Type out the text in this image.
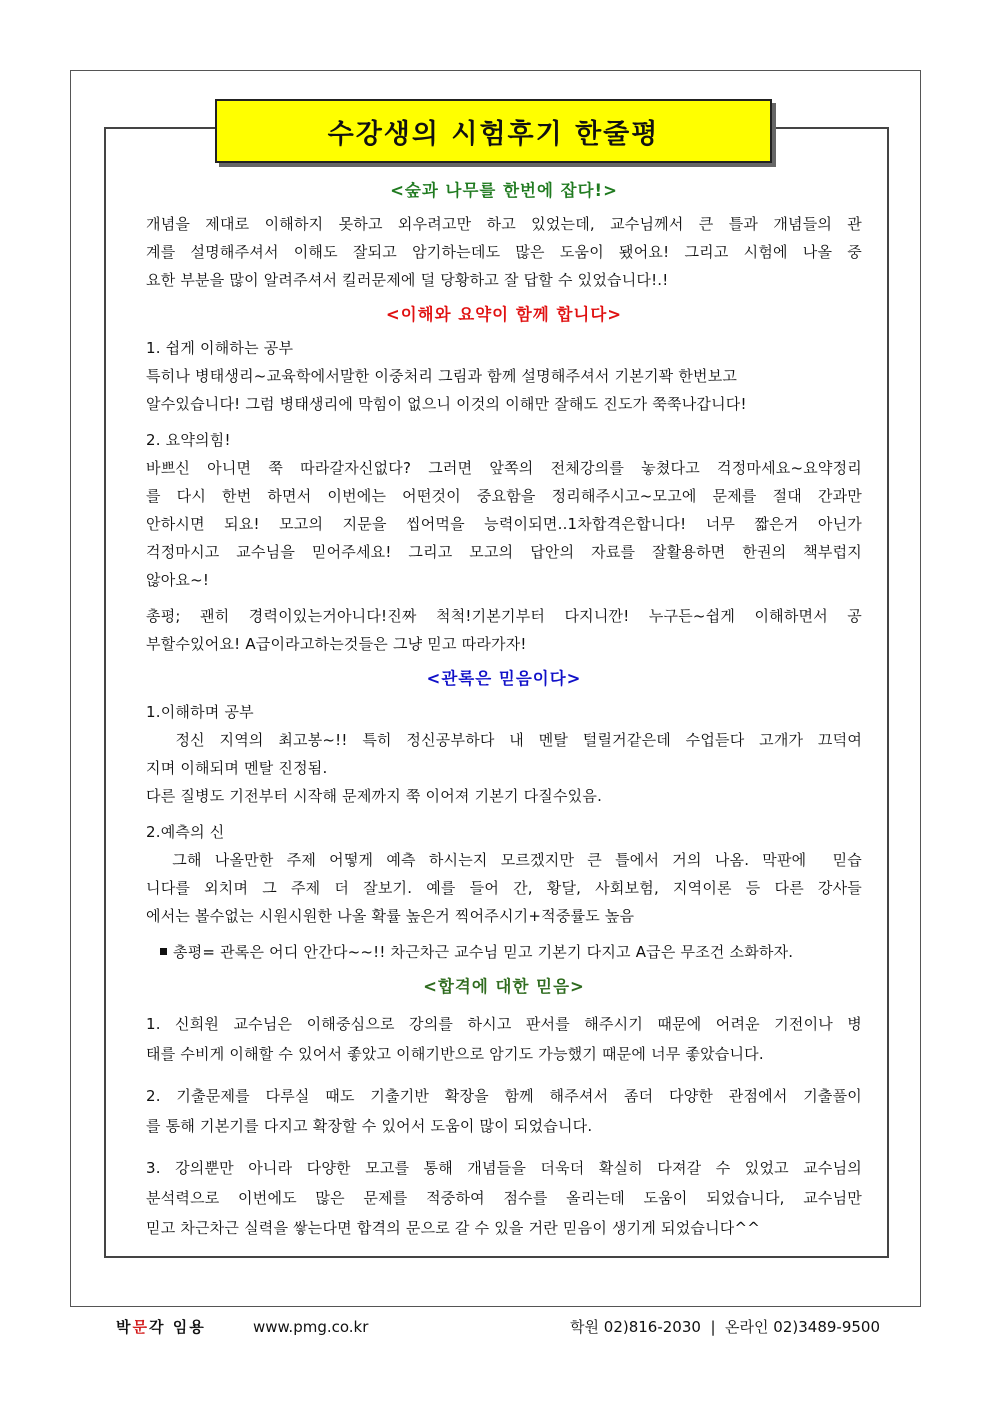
수강생의 시험후기 한줄평
<숲과 나무를 한번에 잡다!>

개념을 제대로 이해하지 못하고 외우려고만 하고 있었는데, 교수님께서 큰 틀과 개념들의 관

계를 설명해주셔서 이해도 잘되고 암기하는데도 많은 도움이 됐어요! 그리고 시험에 나올 중

요한 부분을 많이 알려주셔서 킬러문제에 덜 당황하고 잘 답할 수 있었습니다!.!

<이해와 요약이 함께 합니다>

1. 쉽게 이해하는 공부

특히나 병태생리~교육학에서말한 이중처리 그림과 함께 설명해주셔서 기본기꽉 한번보고

알수있습니다! 그럼 병태생리에 막힘이 없으니 이것의 이해만 잘해도 진도가 쭉쭉나갑니다!

2. 요약의힘!

바쁘신 아니면 쭉 따라갈자신없다? 그러면 앞쪽의 전체강의를 놓쳤다고 걱정마세요~요약정리

를 다시 한번 하면서 이번에는 어떤것이 중요함을 정리해주시고~모고에 문제를 절대 간과만

안하시면 되요! 모고의 지문을 씹어먹을 능력이되면..1차합격은합니다! 너무 짧은거 아닌가

걱정마시고 교수님을 믿어주세요! 그리고 모고의 답안의 자료를 잘활용하면 한권의 책부럽지

않아요~!

총평; 괜히 경력이있는거아니다!진짜 척척!기본기부터 다지니깐! 누구든~쉽게 이해하면서 공

부할수있어요! A급이라고하는것들은 그냥 믿고 따라가자!

<관록은 믿음이다>

1.이해하며 공부

정신 지역의 최고봉~!! 특히 정신공부하다 내 멘탈 털릴거같은데 수업듣다 고개가 끄덕여

지며 이해되며 멘탈 진정됨.

다른 질병도 기전부터 시작해 문제까지 쭉 이어져 기본기 다질수있음.

2.예측의 신

그해 나올만한 주제 어떻게 예측 하시는지 모르겠지만 큰 틀에서 거의 나옴. 막판에  믿습

니다를 외치며 그 주제 더 잘보기. 예를 들어 간, 황달, 사회보험, 지역이론 등 다른 강사들

에서는 볼수없는 시원시원한 나올 확률 높은거 찍어주시기+적중률도 높음

총평= 관록은 어디 안간다~~!! 차근차근 교수님 믿고 기본기 다지고 A급은 무조건 소화하자.

<합격에 대한 믿음>

1. 신희원 교수님은 이해중심으로 강의를 하시고 판서를 해주시기 때문에 어려운 기전이나 병

태를 수비게 이해할 수 있어서 좋았고 이해기반으로 암기도 가능했기 때문에 너무 좋았습니다.

2. 기출문제를 다루실 때도 기출기반 확장을 함께 해주셔서 좀더 다양한 관점에서 기출풀이

를 통해 기본기를 다지고 확장할 수 있어서 도움이 많이 되었습니다.

3. 강의뿐만 아니라 다양한 모고를 통해 개념들을 더욱더 확실히 다져갈 수 있었고 교수님의

분석력으로 이번에도 많은 문제를 적중하여 점수를 올리는데 도움이 되었습니다, 교수님만

믿고 차근차근 실력을 쌓는다면 합격의 문으로 갈 수 있을 거란 믿음이 생기게 되었습니다^^

박문각 임용	www.pmg.co.kr	학원 02)816-2030  |  온라인 02)3489-9500
